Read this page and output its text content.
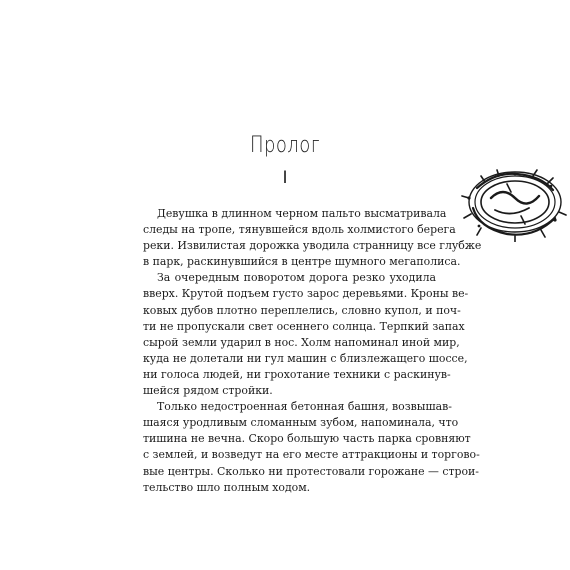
Пролог
I
Девушка в длинном черном пальто высматривала
следы на тропе, тянувшейся вдоль холмистого берега
реки. Извилистая дорожка уводила странницу все глубже
в парк, раскинувшийся в центре шумного мегаполиса.
За очередным поворотом дорога резко уходила
вверх. Крутой подъем густо зарос деревьями. Кроны ве-
ковых дубов плотно переплелись, словно купол, и поч-
ти не пропускали свет осеннего солнца. Терпкий запах
сырой земли ударил в нос. Холм напоминал иной мир,
куда не долетали ни гул машин с близлежащего шоссе,
ни голоса людей, ни грохотание техники с раскинув-
шейся рядом стройки.
Только недостроенная бетонная башня, возвышав-
шаяся уродливым сломанным зубом, напоминала, что
тишина не вечна. Скоро большую часть парка сровняют
с землей, и возведут на его месте аттракционы и торгово-
вые центры. Сколько ни протестовали горожане — строи-
тельство шло полным ходом.
